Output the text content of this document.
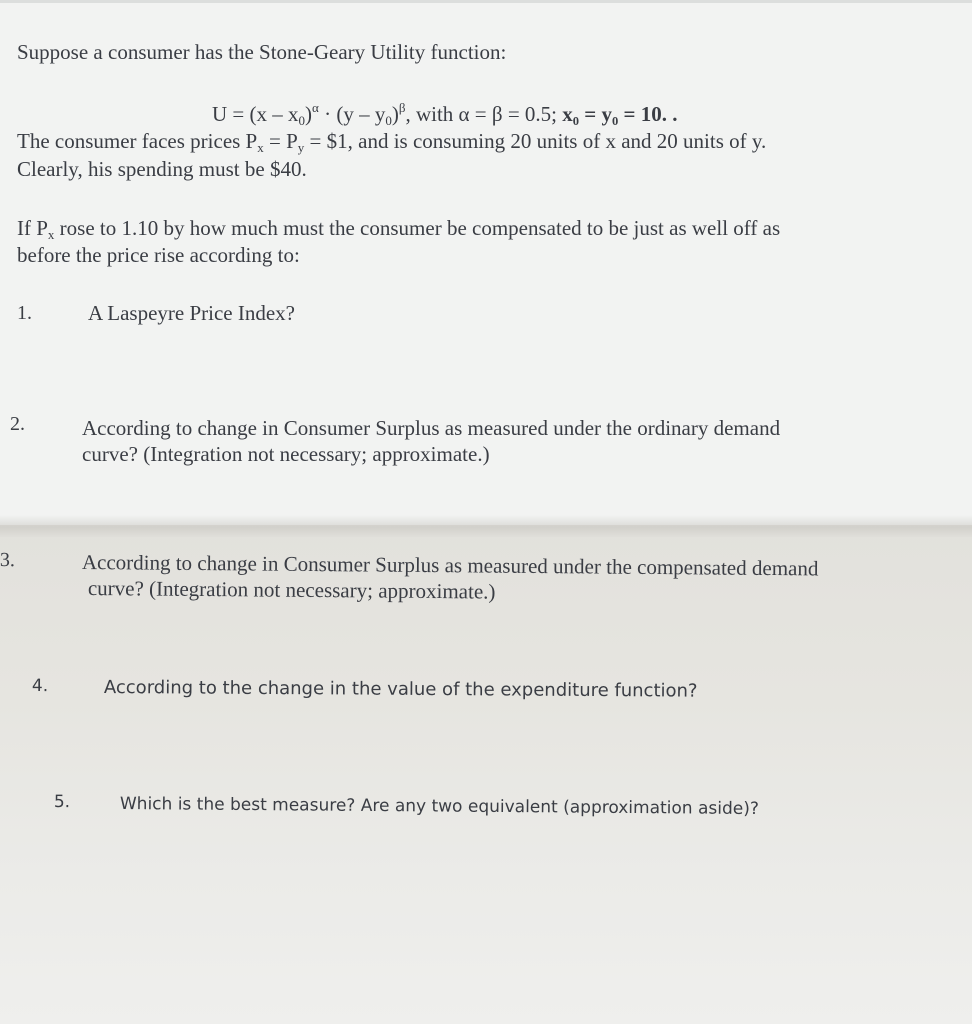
Suppose a consumer has the Stone-Geary Utility function:
$U = (x - x_0)^\alpha \cdot (y - y_0)^\beta$, with α = β = 0.5; x₀ = y₀ = 10. .
The consumer faces prices $P_x = P_y$ = $1, and is consuming 20 units of x and 20 units of y.
Clearly, his spending must be $40.
If $P_x$ rose to 1.10 by how much must the consumer be compensated to be just as well off as
before the price rise according to:
1.	A Laspeyre Price Index?
2.	According to change in Consumer Surplus as measured under the ordinary demand
curve? (Integration not necessary; approximate.)
3.	According to change in Consumer Surplus as measured under the compensated demand
curve? (Integration not necessary; approximate.)
4.	According to the change in the value of the expenditure function?
5.	Which is the best measure? Are any two equivalent (approximation aside)?
